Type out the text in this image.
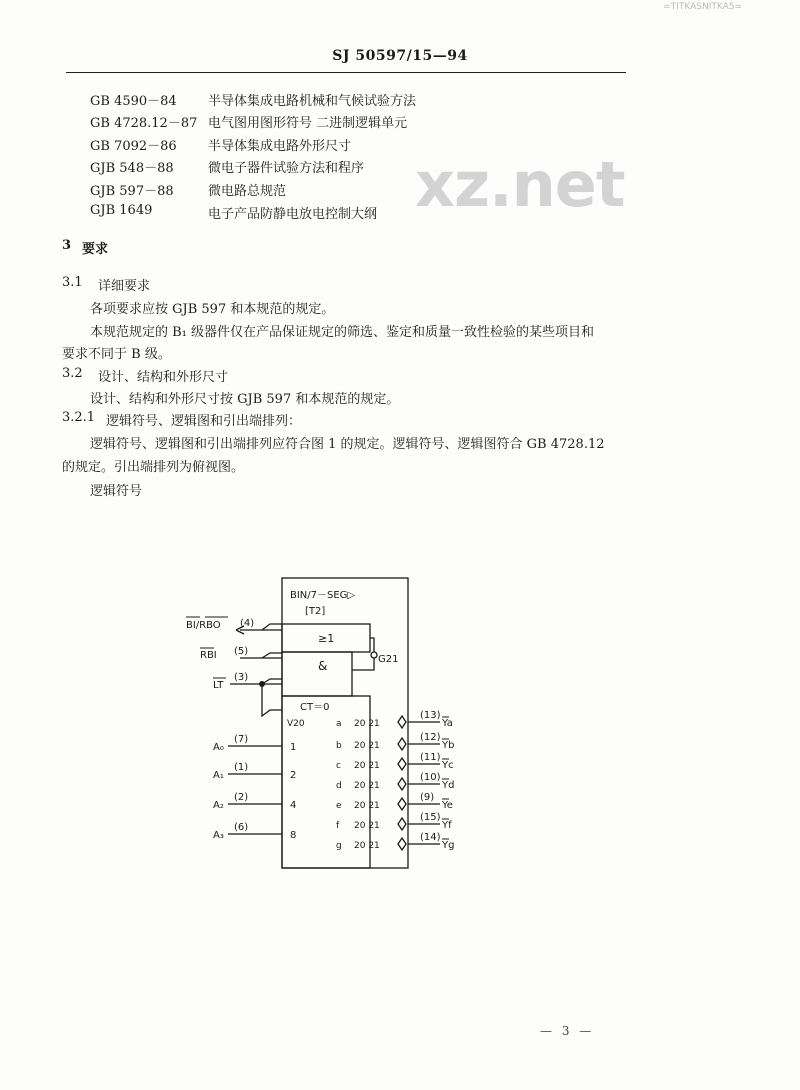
=TITKASNITKA5=
SJ 50597/15—94
xz.net
GB 4590－84 半导体集成电路机械和气候试验方法
GB 4728.12－87 电气图用图形符号 二进制逻辑单元
GB 7092－86 半导体集成电路外形尺寸
GJB 548－88	微电子器件试验方法和程序
GJB 597－88	微电路总规范
GJB 1649	电子产品防静电放电控制大纲
3 要求
3.1 详细要求
各项要求应按 GJB 597 和本规范的规定。
本规范规定的 B₁ 级器件仅在产品保证规定的筛选、鉴定和质量一致性检验的某些项目和
要求不同于 B 级。
3.2 设计、结构和外形尺寸
设计、结构和外形尺寸按 GJB 597 和本规范的规定。
3.2.1 逻辑符号、逻辑图和引出端排列：
逻辑符号、逻辑图和引出端排列应符合图 1 的规定。逻辑符号、逻辑图符合 GB 4728.12
的规定。引出端排列为俯视图。
逻辑符号
BIN/7－SEG▷
[T2]
≥1
&	G21
CT＝0
V20
1
2
4
8
BI/RBO (4)
RBI (5)
LT
(3)
A₀
(7)
A₁
(1)
A₂
(2)
A₃
(6)
a 20 21
b 20 21
c 20 21
d 20 21
e 20 21
f 20 21
g 20 21
(13)
Ya
(12)
Yb
(11)
Yc
(10)
Yd
(9)
Ye
(15)
Yf
(14)
Yg
— 3 —
